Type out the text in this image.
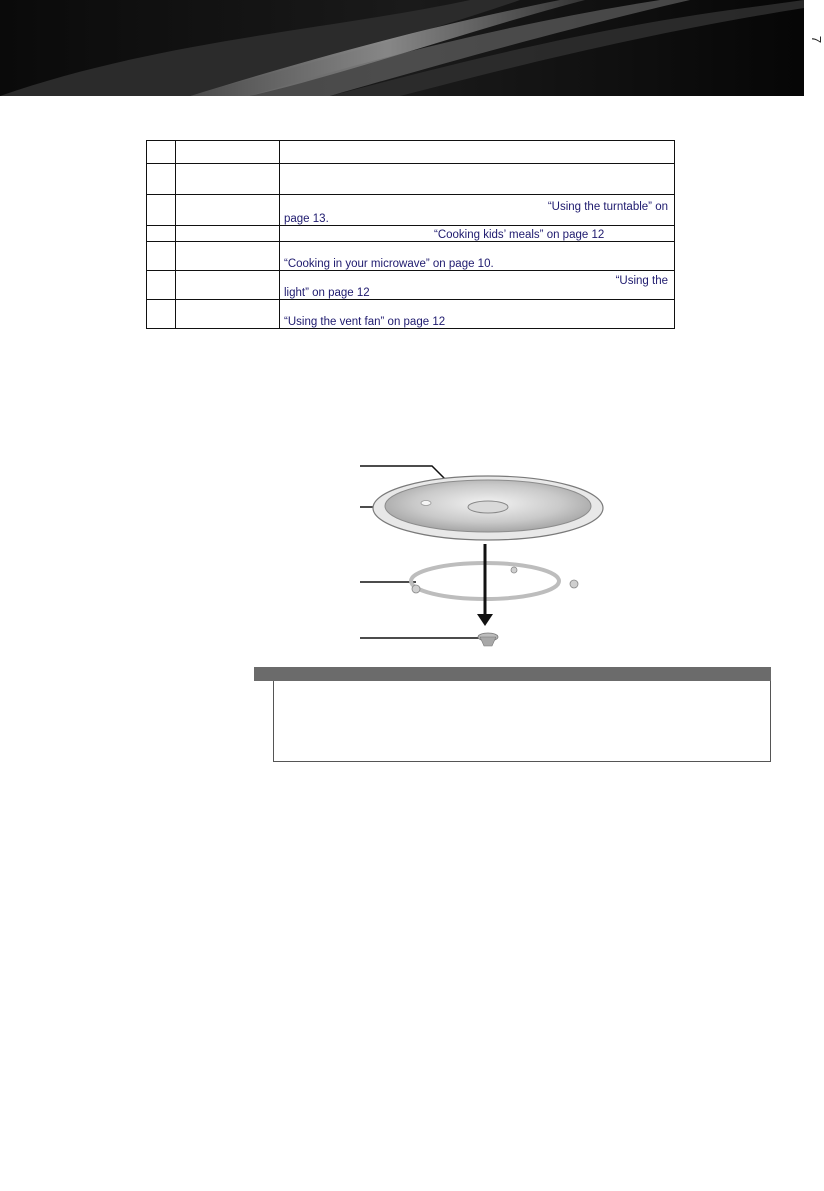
7

		“Using the turntable” on
page 13.
		“Cooking kids’ meals” on page 12
		“Cooking in your microwave” on page 10.

		“Using the
light” on page 12
		“Using the vent fan” on page 12
